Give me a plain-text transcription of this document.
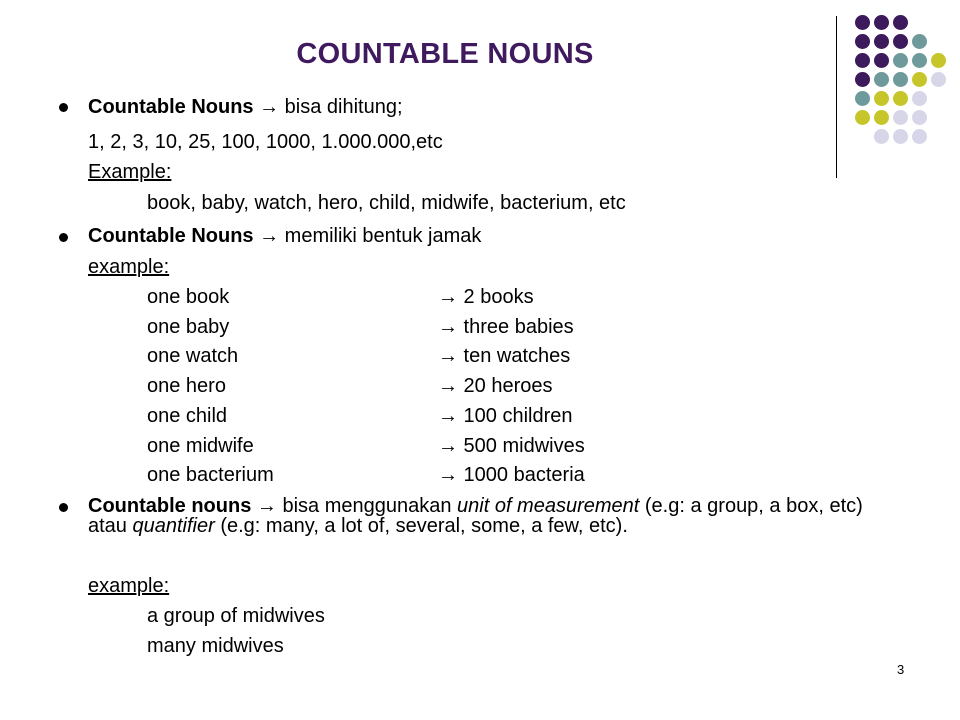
COUNTABLE NOUNS
Countable Nouns → bisa dihitung;
1, 2, 3, 10, 25, 100, 1000, 1.000.000,etc
Example:
book, baby, watch, hero, child, midwife, bacterium, etc
Countable Nouns → memiliki bentuk jamak
example:
one book	→ 2 books
one baby	→ three babies
one watch	→ ten watches
one hero	→ 20 heroes
one child	→ 100 children
one midwife	→ 500 midwives
one bacterium	→ 1000 bacteria
Countable nouns → bisa menggunakan unit of measurement (e.g: a group, a box, etc) atau quantifier (e.g: many, a lot of, several, some, a few, etc).
example:
a group of midwives
many midwives
3
